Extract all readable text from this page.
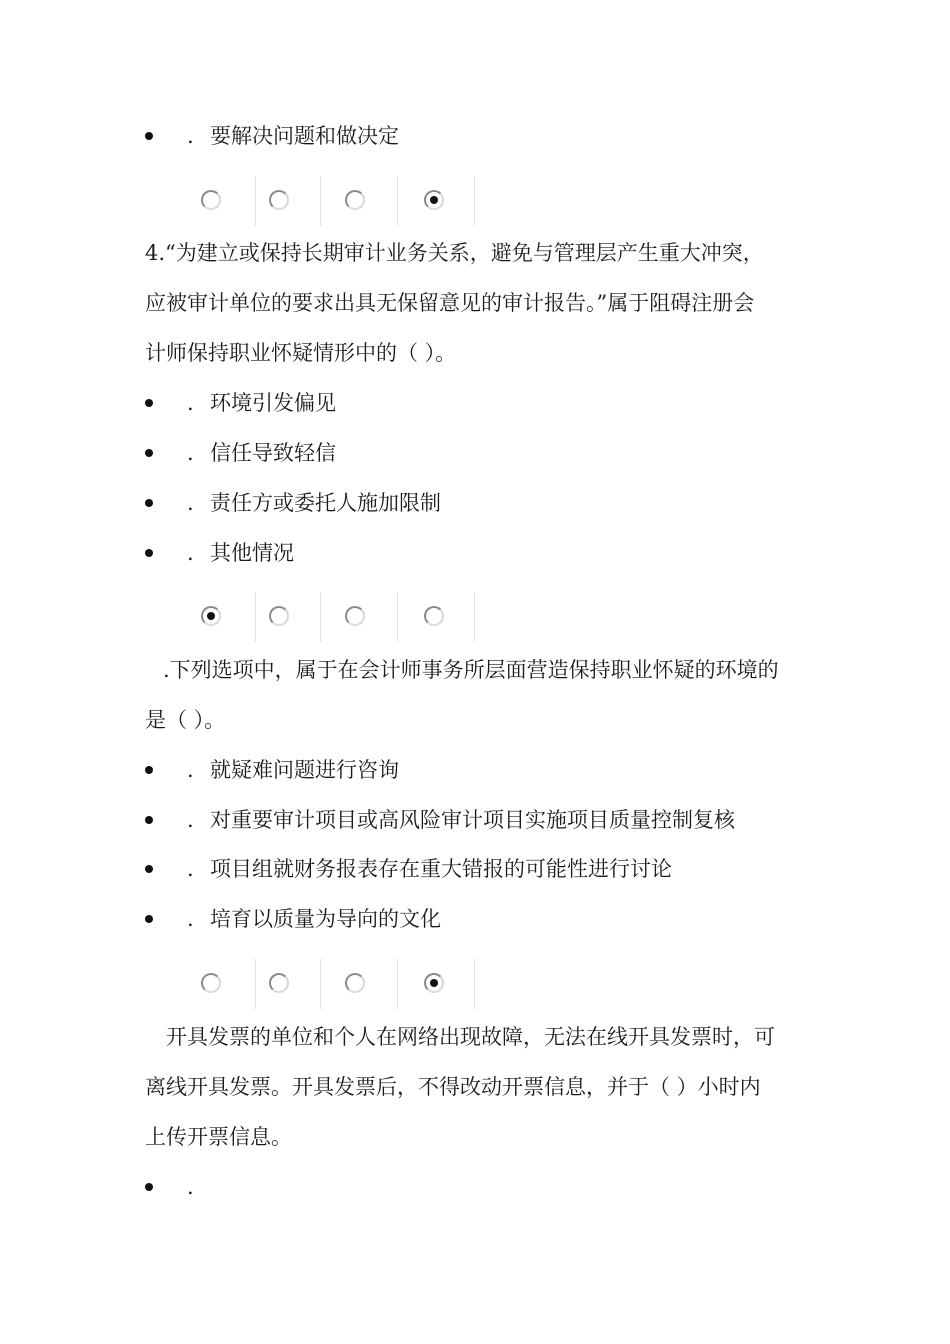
. 要解决问题和做决定
4.“为建立或保持长期审计业务关系，避免与管理层产生重大冲突，
应被审计单位的要求出具无保留意见的审计报告。”属于阻碍注册会
计师保持职业怀疑情形中的（ ）。
. 环境引发偏见
. 信任导致轻信
. 责任方或委托人施加限制
. 其他情况
.下列选项中，属于在会计师事务所层面营造保持职业怀疑的环境的
是（ ）。
. 就疑难问题进行咨询
. 对重要审计项目或高风险审计项目实施项目质量控制复核
. 项目组就财务报表存在重大错报的可能性进行讨论
. 培育以质量为导向的文化
开具发票的单位和个人在网络出现故障，无法在线开具发票时，可
离线开具发票。开具发票后，不得改动开票信息，并于（ ）小时内
上传开票信息。
.
